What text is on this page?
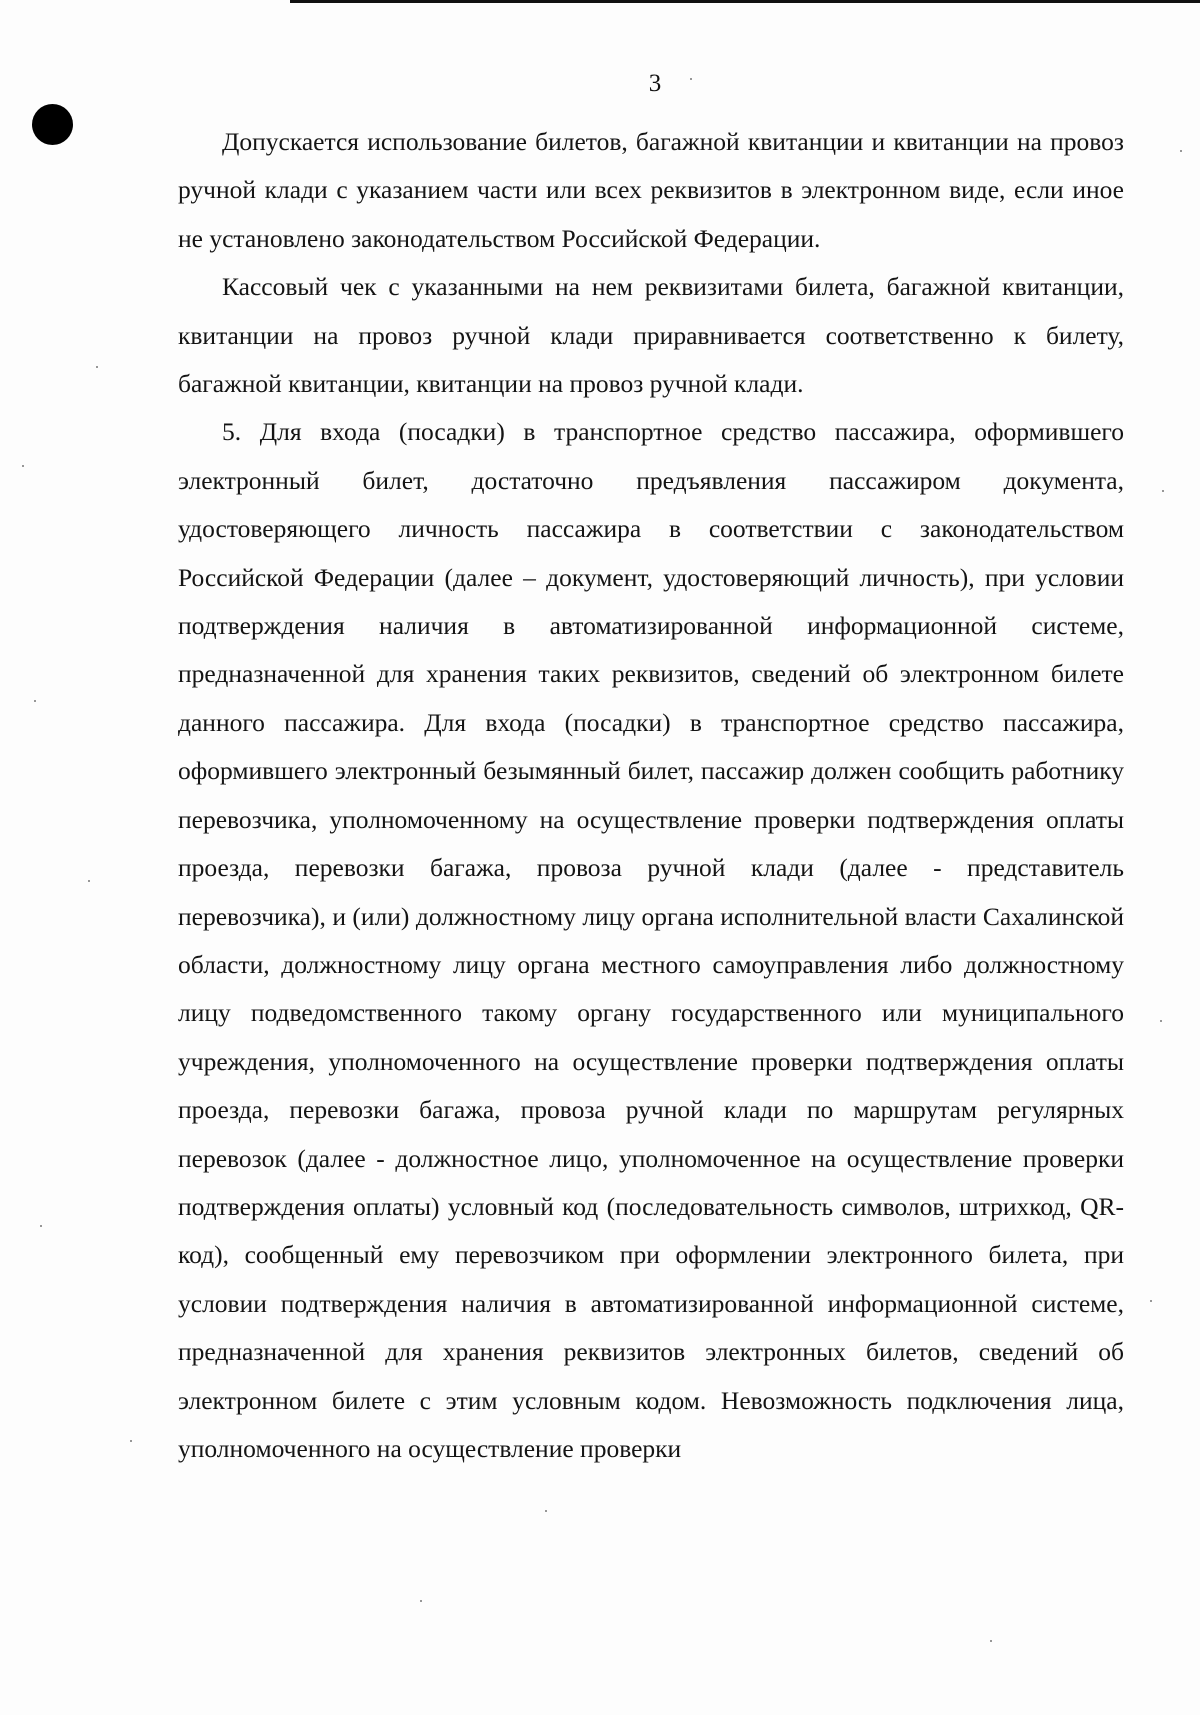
3

Допускается использование билетов, багажной квитанции и квитанции на провоз ручной клади с указанием части или всех реквизитов в электронном виде, если иное не установлено законодательством Российской Федерации.

Кассовый чек с указанными на нем реквизитами билета, багажной квитанции, квитанции на провоз ручной клади приравнивается соответственно к билету, багажной квитанции, квитанции на провоз ручной клади.

5. Для входа (посадки) в транспортное средство пассажира, оформившего электронный билет, достаточно предъявления пассажиром документа, удостоверяющего личность пассажира в соответствии с законодательством Российской Федерации (далее – документ, удостоверяющий личность), при условии подтверждения наличия в автоматизированной информационной системе, предназначенной для хранения таких реквизитов, сведений об электронном билете данного пассажира. Для входа (посадки) в транспортное средство пассажира, оформившего электронный безымянный билет, пассажир должен сообщить работнику перевозчика, уполномоченному на осуществление проверки подтверждения оплаты проезда, перевозки багажа, провоза ручной клади (далее - представитель перевозчика), и (или) должностному лицу органа исполнительной власти Сахалинской области, должностному лицу органа местного самоуправления либо должностному лицу подведомственного такому органу государственного или муниципального учреждения, уполномоченного на осуществление проверки подтверждения оплаты проезда, перевозки багажа, провоза ручной клади по маршрутам регулярных перевозок (далее - должностное лицо, уполномоченное на осуществление проверки подтверждения оплаты) условный код (последовательность символов, штрихкод, QR-код), сообщенный ему перевозчиком при оформлении электронного билета, при условии подтверждения наличия в автоматизированной информационной системе, предназначенной для хранения реквизитов электронных билетов, сведений об электронном билете с этим условным кодом. Невозможность подключения лица, уполномоченного на осуществление проверки
